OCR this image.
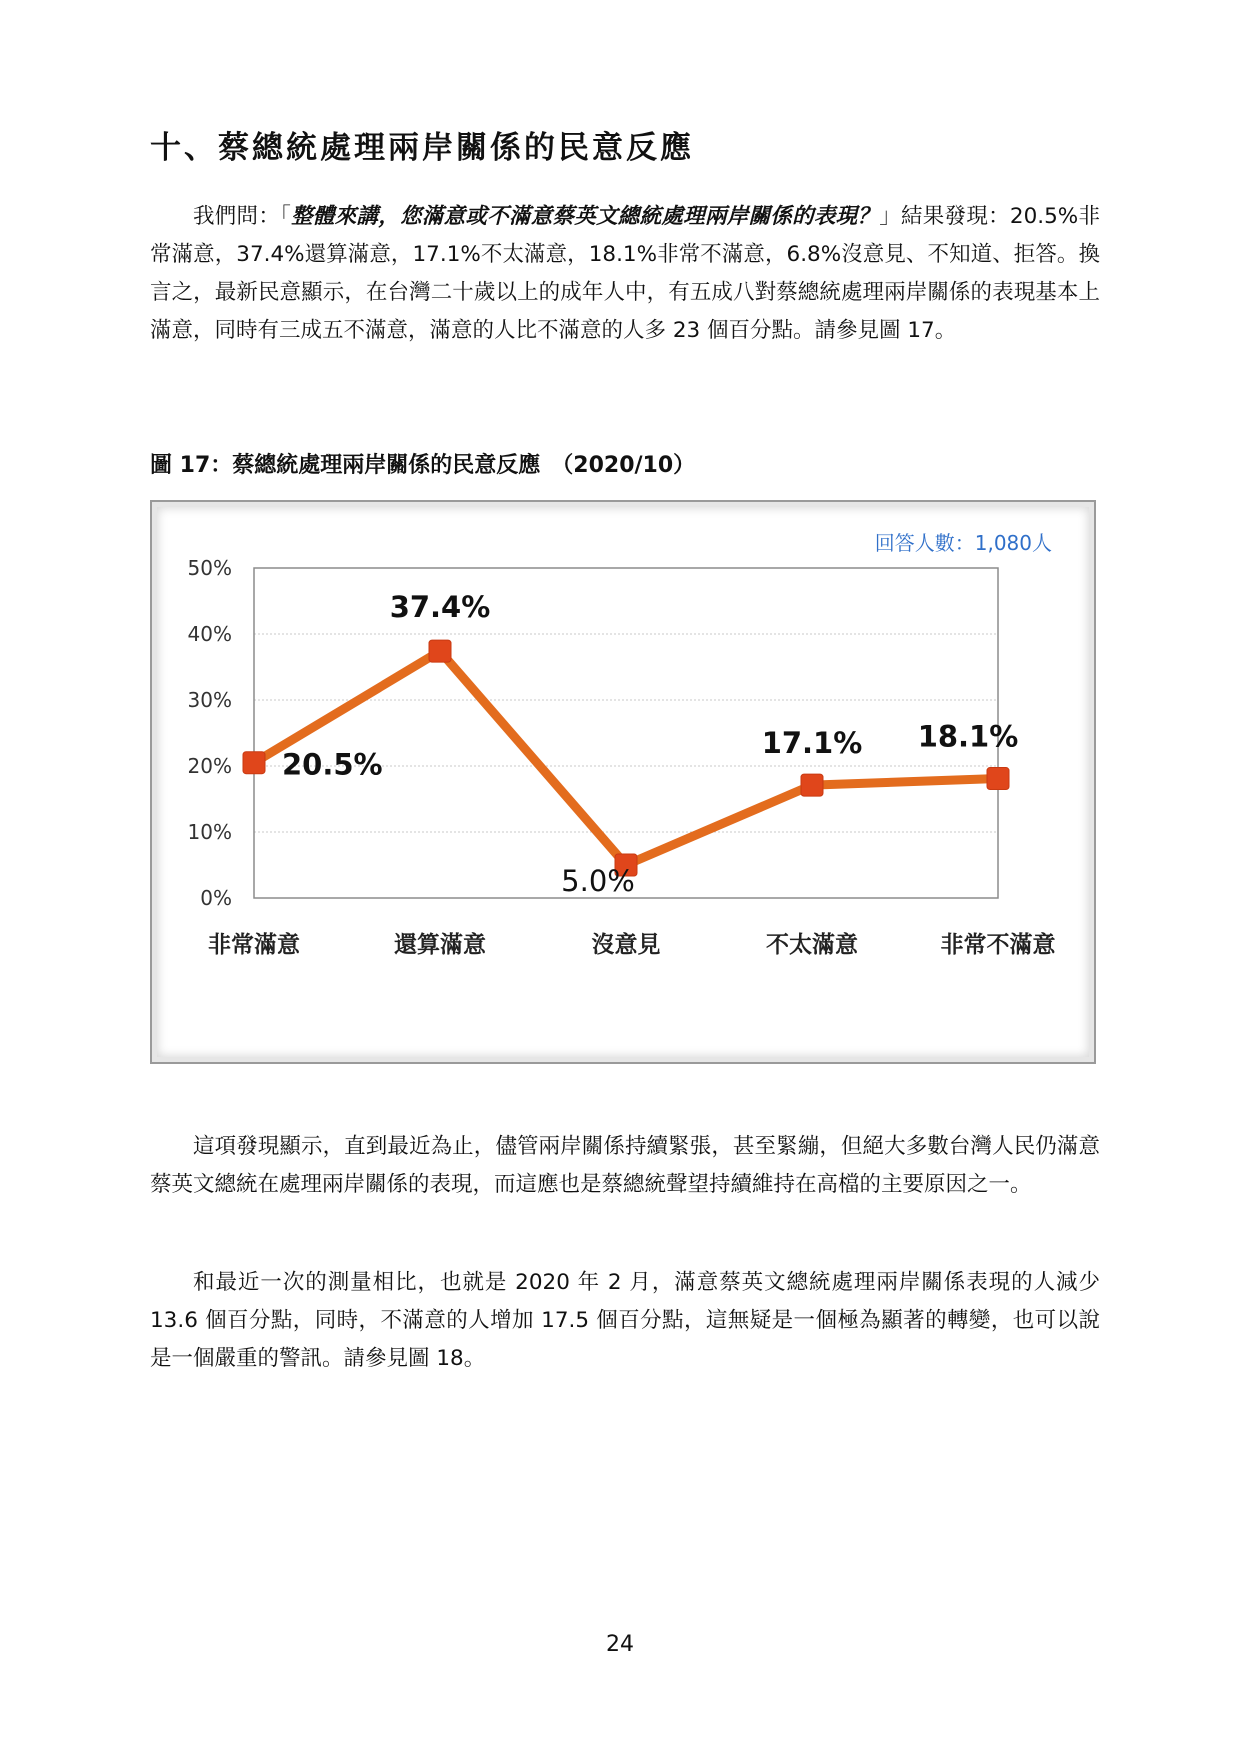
十、蔡總統處理兩岸關係的民意反應

我們問：「整體來講，您滿意或不滿意蔡英文總統處理兩岸關係的表現？」結果發現：20.5%非常滿意，37.4%還算滿意，17.1%不太滿意，18.1%非常不滿意，6.8%沒意見、不知道、拒答。換言之，最新民意顯示，在台灣二十歲以上的成年人中，有五成八對蔡總統處理兩岸關係的表現基本上滿意，同時有三成五不滿意，滿意的人比不滿意的人多 23 個百分點。請參見圖 17。

圖 17：蔡總統處理兩岸關係的民意反應　（2020/10）

0%
10%
20%
30%
40%
50%
非常滿意	還算滿意	沒意見	不太滿意	非常不滿意
20.5%
37.4%
5.0%
17.1% 18.1%
回答人數：1,080人

這項發現顯示，直到最近為止，儘管兩岸關係持續緊張，甚至緊繃，但絕大多數台灣人民仍滿意蔡英文總統在處理兩岸關係的表現，而這應也是蔡總統聲望持續維持在高檔的主要原因之一。

和最近一次的測量相比，也就是 2020 年 2 月，滿意蔡英文總統處理兩岸關係表現的人減少 13.6 個百分點，同時，不滿意的人增加 17.5 個百分點，這無疑是一個極為顯著的轉變，也可以說是一個嚴重的警訊。請參見圖 18。

24
